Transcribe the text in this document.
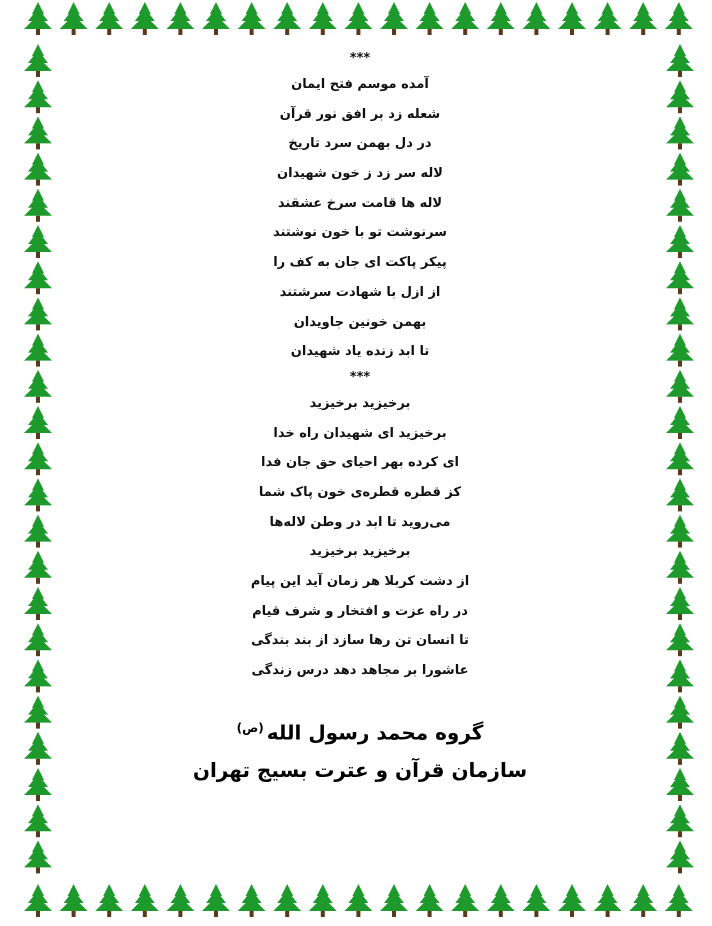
***
آمده موسم فتح ایمان
شعله زد بر افق نور قرآن
در دل بهمن سرد تاریخ
لاله سر زد ز خون شهیدان
لاله ها قامت سرخ عشقند
سرنوشت تو با خون نوشتند
پیکر پاکت ای جان به کف را
از ازل با شهادت سرشتند
بهمن خونین جاویدان
تا ابد زنده یاد شهیدان
***
برخیزید برخیزید
برخیزید ای شهیدان راه خدا
ای کرده بهر احیای حق جان فدا
کز قطره قطره‌ی خون پاک شما
می‌روید تا ابد در وطن لاله‌ها
برخیزید برخیزید
از دشت کربلا هر زمان آید این پیام
در راه عزت و افتخار و شرف قیام
تا انسان تن رها سازد از بند بندگی
عاشورا بر مجاهد دهد درس زندگی
گروه محمد رسول الله$^{(ص)}$
سازمان قرآن و عترت بسیج تهران
